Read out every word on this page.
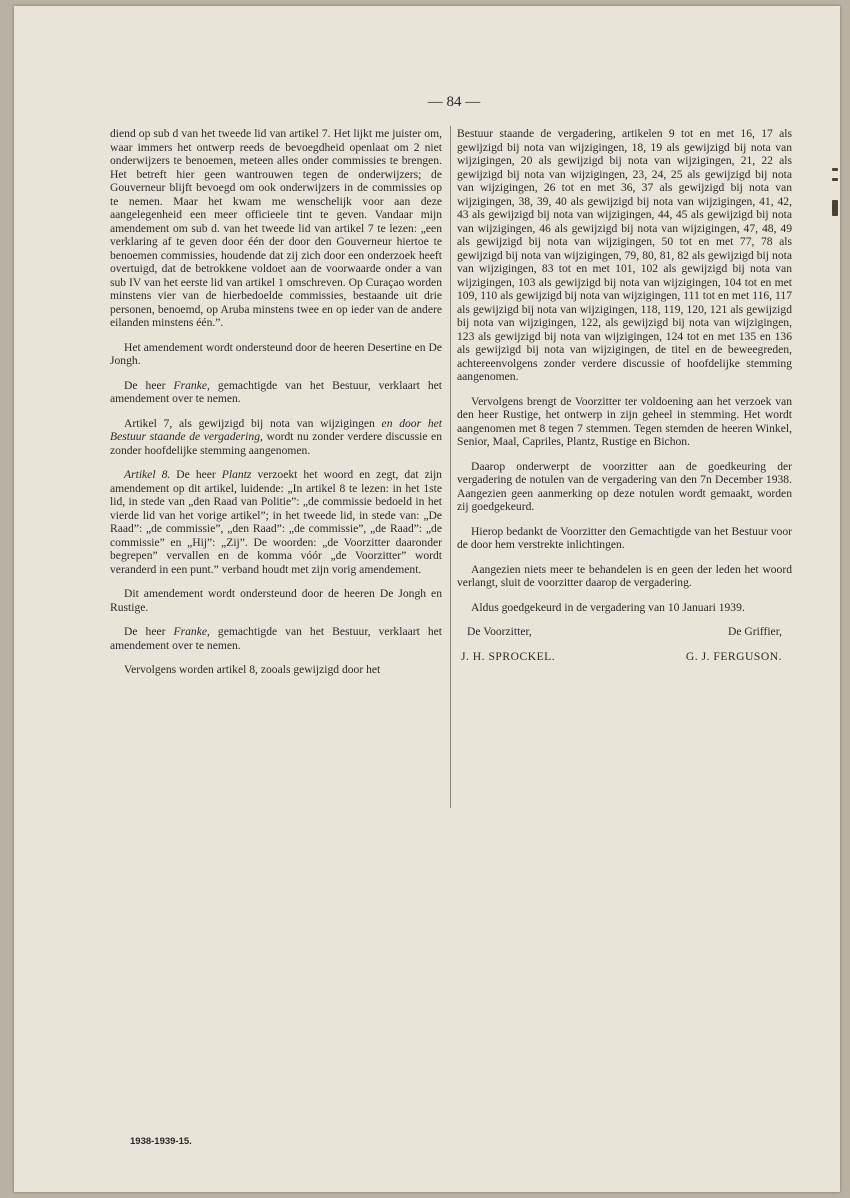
— 84 —

diend op sub d van het tweede lid van artikel 7. Het lijkt me juister om, waar immers het ontwerp reeds de bevoegdheid openlaat om 2 niet onderwijzers te benoemen, meteen alles onder commissies te brengen. Het betreft hier geen wantrouwen tegen de onderwijzers; de Gouverneur blijft bevoegd om ook onderwijzers in de commissies op te nemen. Maar het kwam me wenschelijk voor aan deze aangelegenheid een meer officieele tint te geven. Vandaar mijn amendement om sub d. van het tweede lid van artikel 7 te lezen: „een verklaring af te geven door één der door den Gouverneur hiertoe te benoemen commissies, houdende dat zij zich door een onderzoek heeft overtuigd, dat de betrokkene voldoet aan de voorwaarde onder a van sub IV van het eerste lid van artikel 1 omschreven. Op Curaçao worden minstens vier van de hierbedoelde commissies, bestaande uit drie personen, benoemd, op Aruba minstens twee en op ieder van de andere eilanden minstens één.”.

Het amendement wordt ondersteund door de heeren Desertine en De Jongh.

De heer Franke, gemachtigde van het Bestuur, verklaart het amendement over te nemen.

Artikel 7, als gewijzigd bij nota van wijzigingen en door het Bestuur staande de vergadering, wordt nu zonder verdere discussie en zonder hoofdelijke stemming aangenomen.

Artikel 8. De heer Plantz verzoekt het woord en zegt, dat zijn amendement op dit artikel, luidende: „In artikel 8 te lezen: in het 1ste lid, in stede van „den Raad van Politie”: „de commissie bedoeld in het vierde lid van het vorige artikel”; in het tweede lid, in stede van: „De Raad”: „de commissie”, „den Raad”: „de commissie”, „de Raad”: „de commissie” en „Hij”: „Zij”. De woorden: „de Voorzitter daaronder begrepen” vervallen en de komma vóór „de Voorzitter” wordt veranderd in een punt.” verband houdt met zijn vorig amendement.

Dit amendement wordt ondersteund door de heeren De Jongh en Rustige.

De heer Franke, gemachtigde van het Bestuur, verklaart het amendement over te nemen.

Vervolgens worden artikel 8, zooals gewijzigd door het

Bestuur staande de vergadering, artikelen 9 tot en met 16, 17 als gewijzigd bij nota van wijzigingen, 18, 19 als gewijzigd bij nota van wijzigingen, 20 als gewijzigd bij nota van wijzigingen, 21, 22 als gewijzigd bij nota van wijzigingen, 23, 24, 25 als gewijzigd bij nota van wijzigingen, 26 tot en met 36, 37 als gewijzigd bij nota van wijzigingen, 38, 39, 40 als gewijzigd bij nota van wijzigingen, 41, 42, 43 als gewijzigd bij nota van wijzigingen, 44, 45 als gewijzigd bij nota van wijzigingen, 46 als gewijzigd bij nota van wijzigingen, 47, 48, 49 als gewijzigd bij nota van wijzigingen, 50 tot en met 77, 78 als gewijzigd bij nota van wijzigingen, 79, 80, 81, 82 als gewijzigd bij nota van wijzigingen, 83 tot en met 101, 102 als gewijzigd bij nota van wijzigingen, 103 als gewijzigd bij nota van wijzigingen, 104 tot en met 109, 110 als gewijzigd bij nota van wijzigingen, 111 tot en met 116, 117 als gewijzigd bij nota van wijzigingen, 118, 119, 120, 121 als gewijzigd bij nota van wijzigingen, 122, als gewijzigd bij nota van wijzigingen, 123 als gewijzigd bij nota van wijzigingen, 124 tot en met 135 en 136 als gewijzigd bij nota van wijzigingen, de titel en de beweegreden, achtereenvolgens zonder verdere discussie of hoofdelijke stemming aangenomen.

Vervolgens brengt de Voorzitter ter voldoening aan het verzoek van den heer Rustige, het ontwerp in zijn geheel in stemming. Het wordt aangenomen met 8 tegen 7 stemmen. Tegen stemden de heeren Winkel, Senior, Maal, Capriles, Plantz, Rustige en Bichon.

Daarop onderwerpt de voorzitter aan de goedkeuring der vergadering de notulen van de vergadering van den 7n December 1938. Aangezien geen aanmerking op deze notulen wordt gemaakt, worden zij goedgekeurd.

Hierop bedankt de Voorzitter den Gemachtigde van het Bestuur voor de door hem verstrekte inlichtingen.

Aangezien niets meer te behandelen is en geen der leden het woord verlangt, sluit de voorzitter daarop de vergadering.

Aldus goedgekeurd in de vergadering van 10 Januari 1939.

De Voorzitter,	De Griffier,
J. H. SPROCKEL.	G. J. FERGUSON.
1938-1939-15.
